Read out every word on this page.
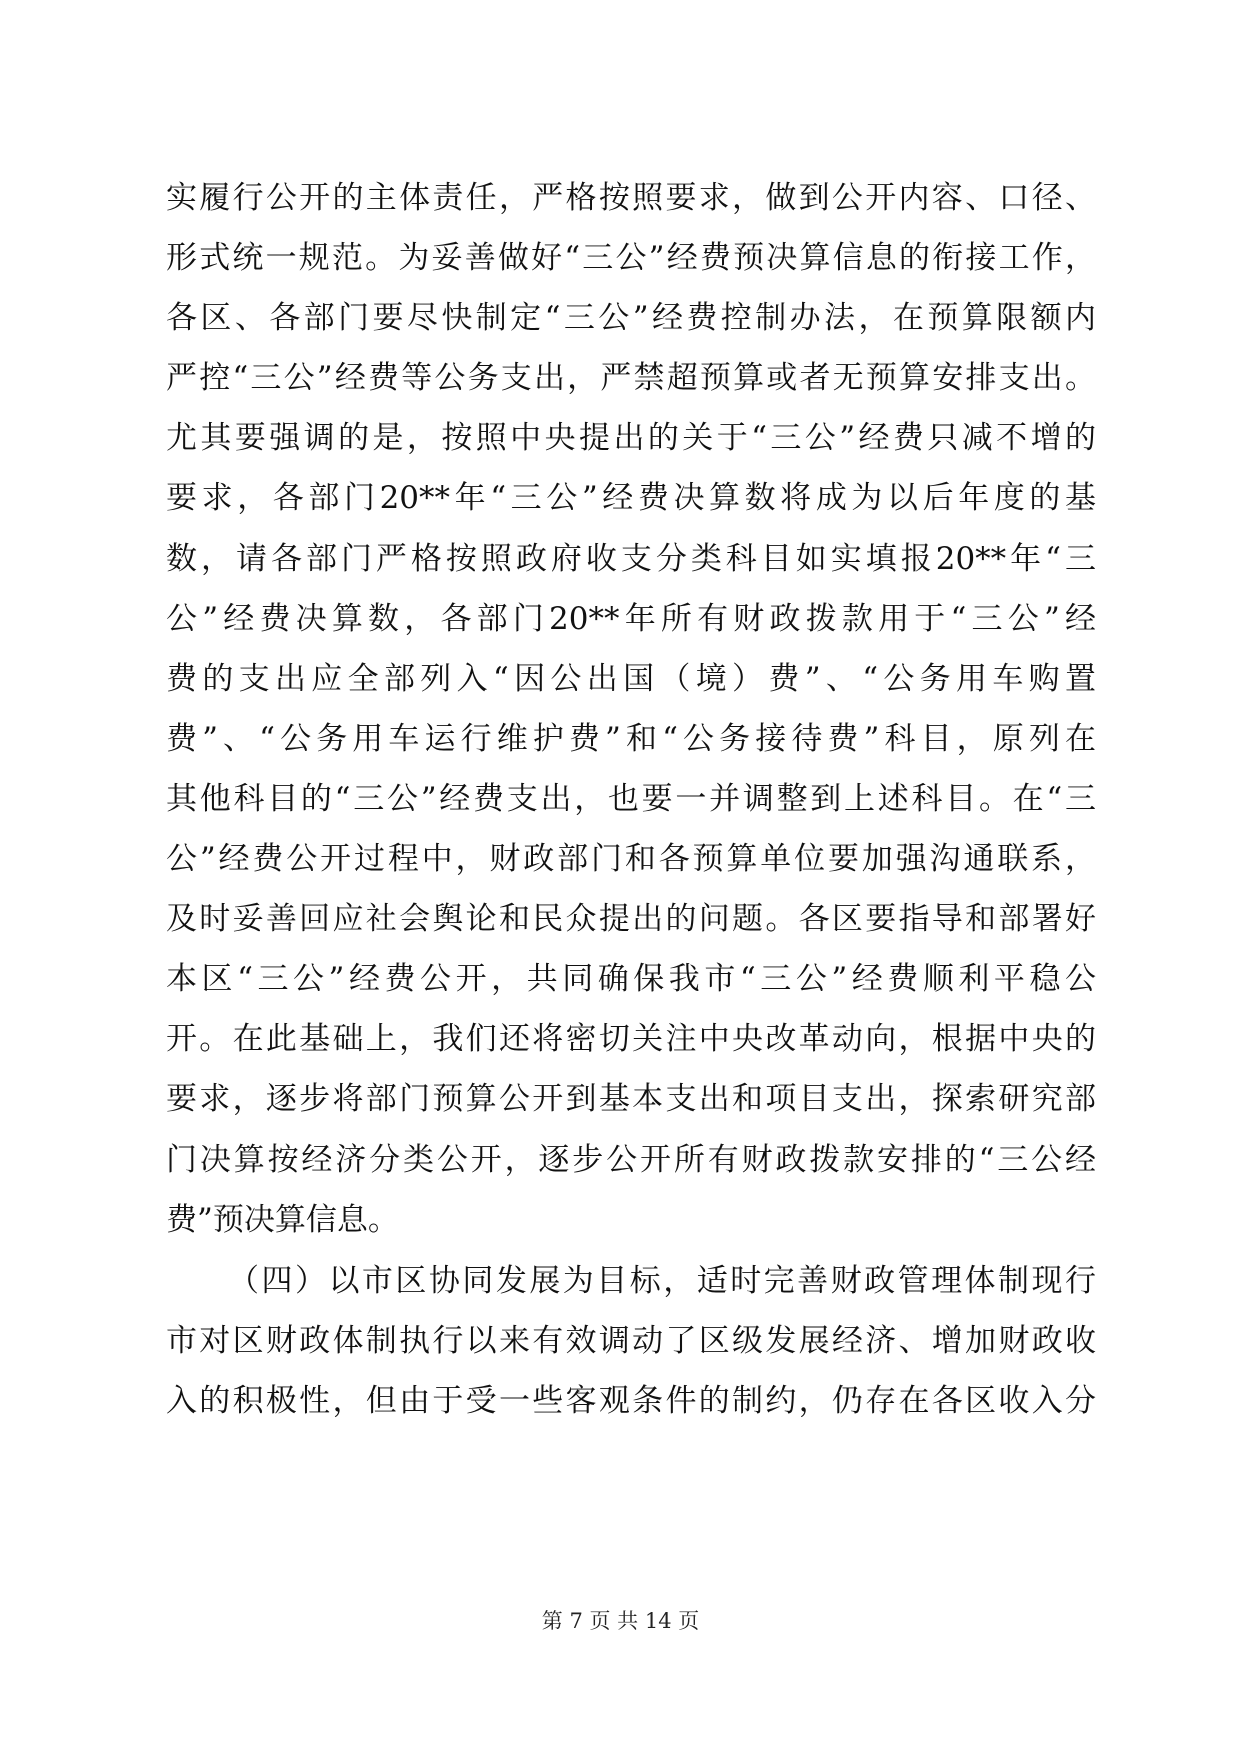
实履行公开的主体责任，严格按照要求，做到公开内容、口径、
形式统一规范。为妥善做好“三公”经费预决算信息的衔接工作，
各区、各部门要尽快制定“三公”经费控制办法，在预算限额内
严控“三公”经费等公务支出，严禁超预算或者无预算安排支出。
尤其要强调的是，按照中央提出的关于“三公”经费只减不增的
要求，各部门20**年“三公”经费决算数将成为以后年度的基
数，请各部门严格按照政府收支分类科目如实填报20**年“三
公”经费决算数，各部门20**年所有财政拨款用于“三公”经
费的支出应全部列入“因公出国（境）费”、“公务用车购置
费”、“公务用车运行维护费”和“公务接待费”科目，原列在
其他科目的“三公”经费支出，也要一并调整到上述科目。在“三
公”经费公开过程中，财政部门和各预算单位要加强沟通联系，
及时妥善回应社会舆论和民众提出的问题。各区要指导和部署好
本区“三公”经费公开，共同确保我市“三公”经费顺利平稳公
开。在此基础上，我们还将密切关注中央改革动向，根据中央的
要求，逐步将部门预算公开到基本支出和项目支出，探索研究部
门决算按经济分类公开，逐步公开所有财政拨款安排的“三公经
费”预决算信息。
（四）以市区协同发展为目标，适时完善财政管理体制现行
市对区财政体制执行以来有效调动了区级发展经济、增加财政收
入的积极性，但由于受一些客观条件的制约，仍存在各区收入分
第 7 页 共 14 页
